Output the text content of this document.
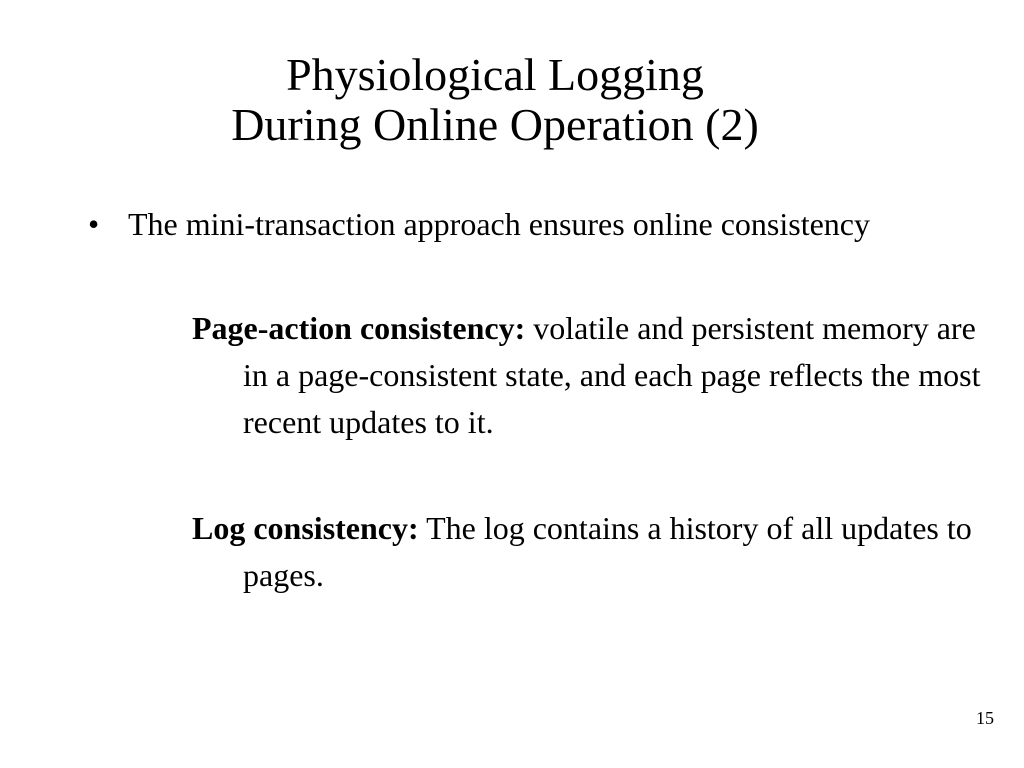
Physiological Logging
During Online Operation (2)
• The mini-transaction approach ensures online consistency
Page-action consistency: volatile and persistent memory are in a page-consistent state, and each page reflects the most recent updates to it.
Log consistency: The log contains a history of all updates to pages.
15
